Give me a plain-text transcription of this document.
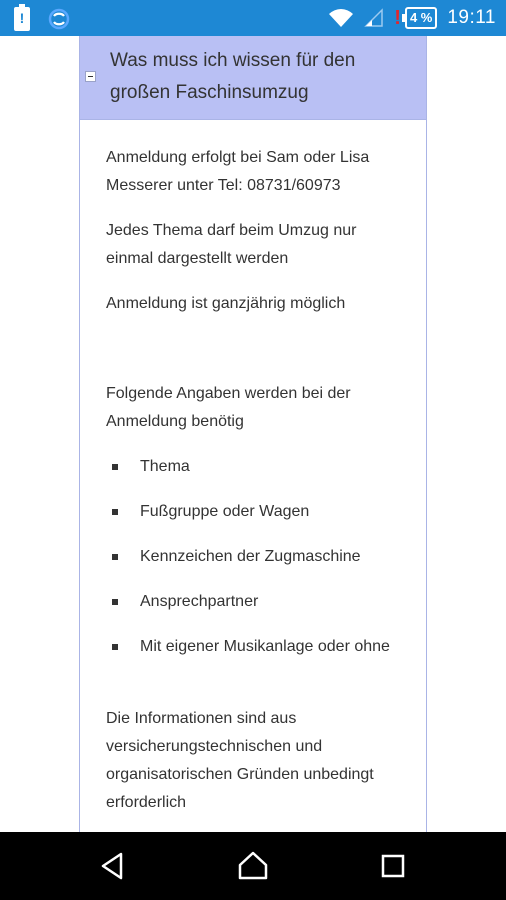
!
! 4 % 19:11
Was muss ich wissen für den großen Faschinsumzug

Anmeldung erfolgt bei Sam oder Lisa Messerer unter Tel: 08731/60973

Jedes Thema darf beim Umzug nur einmal dargestellt werden

Anmeldung ist ganzjährig möglich

Folgende Angaben werden bei der Anmeldung benötig

Thema
Fußgruppe oder Wagen
Kennzeichen der Zugmaschine
Ansprechpartner
Mit eigener Musikanlage oder ohne

Die Informationen sind aus versicherungstechnischen und organisatorischen Gründen unbedingt erforderlich
